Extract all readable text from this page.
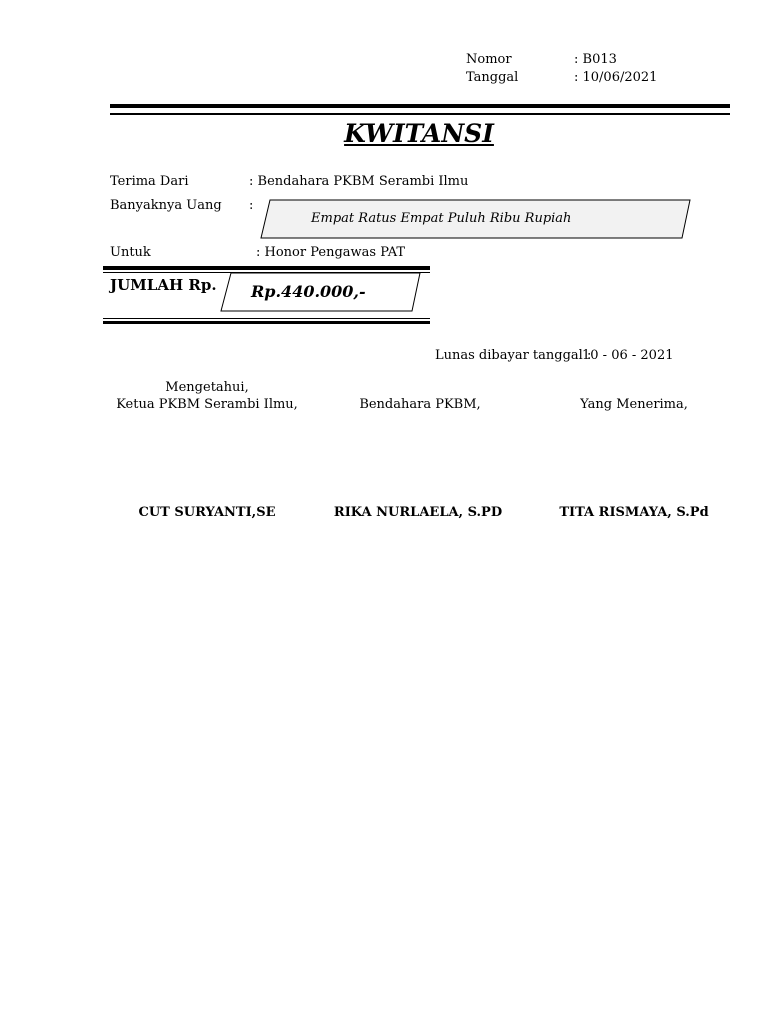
Nomor	: B013
Tanggal	: 10/06/2021
KWITANSI
Terima Dari	: Bendahara PKBM Serambi Ilmu
Banyaknya Uang :
Empat Ratus Empat Puluh Ribu Rupiah
Untuk	: Honor Pengawas PAT
JUMLAH Rp. Rp.440.000,-
Lunas dibayar tanggal :
10 - 06 - 2021
Mengetahui,
Ketua PKBM Serambi Ilmu,	Bendahara PKBM,	Yang Menerima,
CUT SURYANTI,SE	RIKA NURLAELA, S.PD	TITA RISMAYA, S.Pd
